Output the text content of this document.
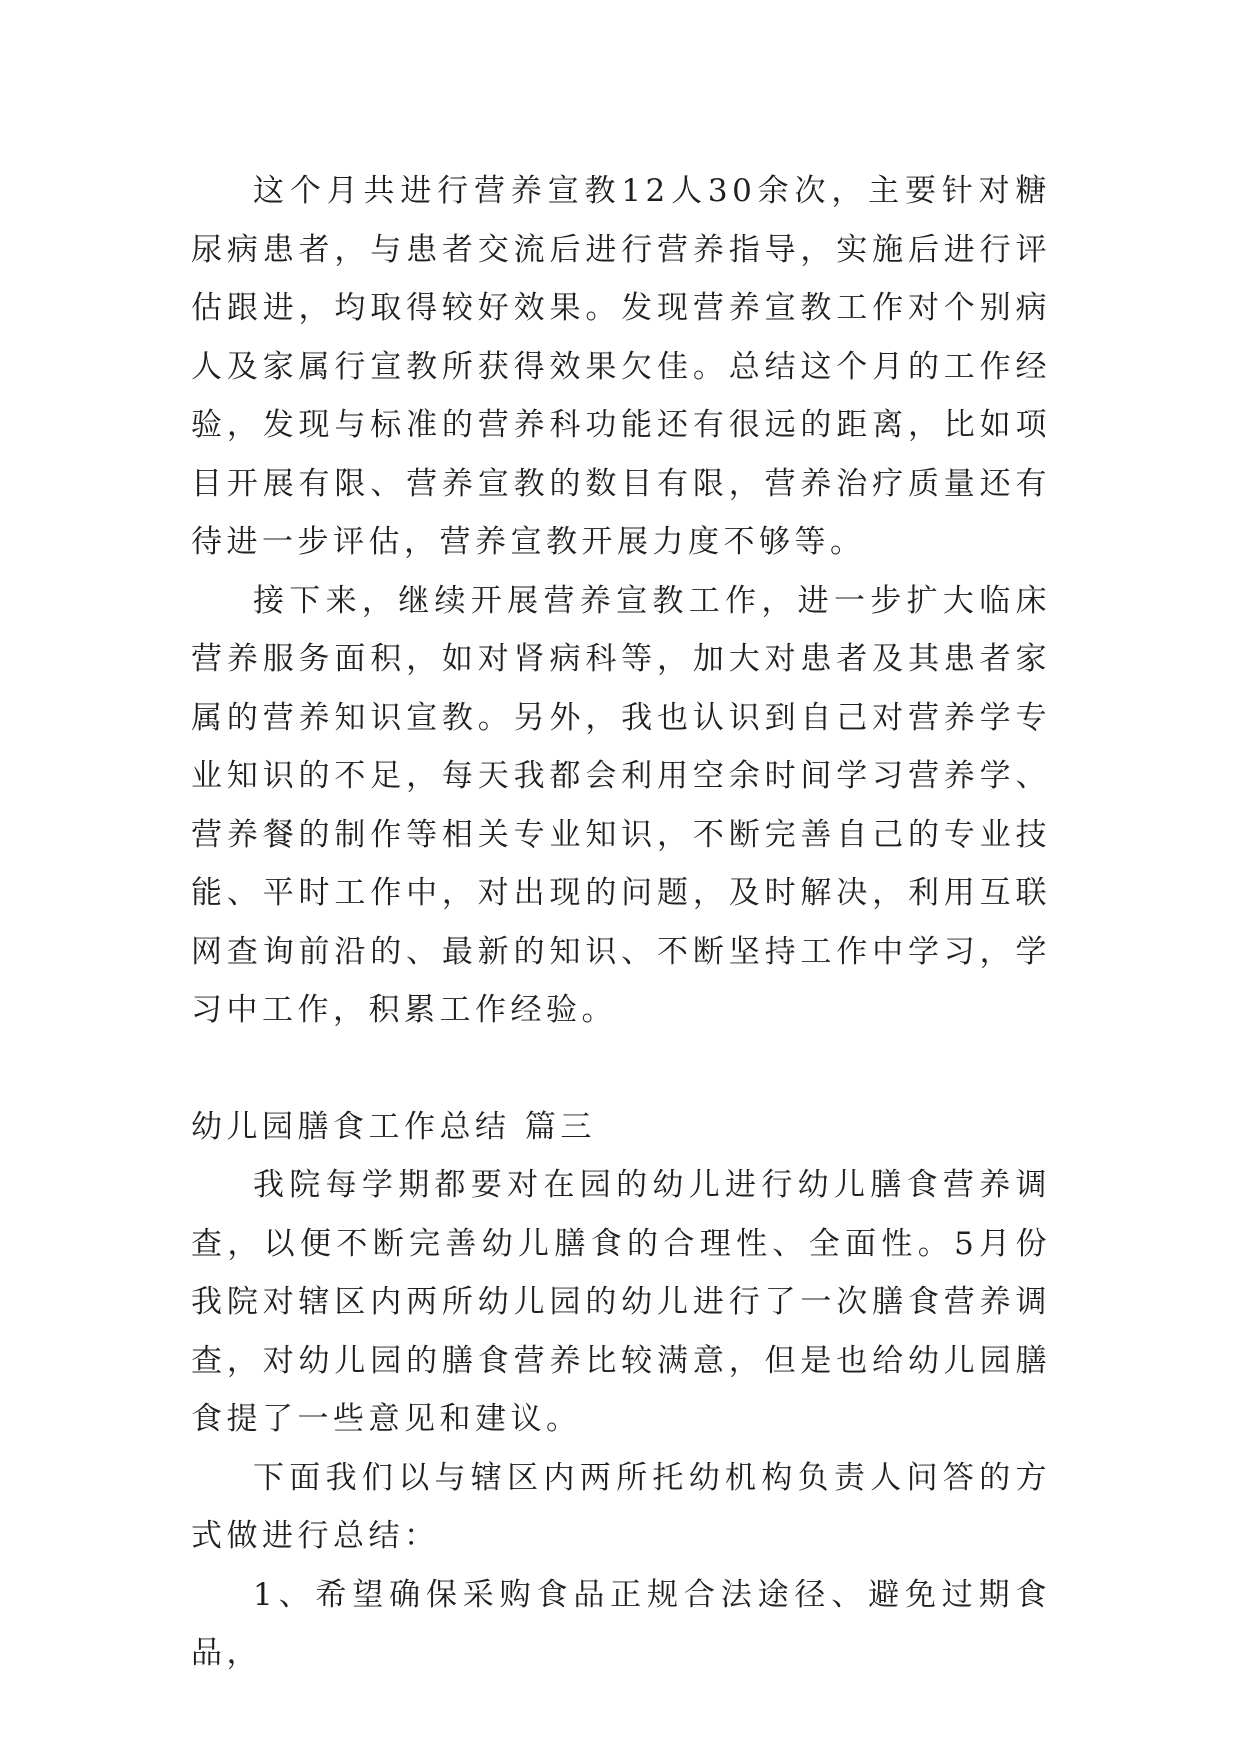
这个月共进行营养宣教12人30余次，主要针对糖尿病患者，与患者交流后进行营养指导，实施后进行评估跟进，均取得较好效果。发现营养宣教工作对个别病人及家属行宣教所获得效果欠佳。总结这个月的工作经验，发现与标准的营养科功能还有很远的距离，比如项目开展有限、营养宣教的数目有限，营养治疗质量还有待进一步评估，营养宣教开展力度不够等。

接下来，继续开展营养宣教工作，进一步扩大临床营养服务面积，如对肾病科等，加大对患者及其患者家属的营养知识宣教。另外，我也认识到自己对营养学专业知识的不足，每天我都会利用空余时间学习营养学、营养餐的制作等相关专业知识，不断完善自己的专业技能、平时工作中，对出现的问题，及时解决，利用互联网查询前沿的、最新的知识、不断坚持工作中学习，学习中工作，积累工作经验。

幼儿园膳食工作总结 篇三

我院每学期都要对在园的幼儿进行幼儿膳食营养调查，以便不断完善幼儿膳食的合理性、全面性。5月份我院对辖区内两所幼儿园的幼儿进行了一次膳食营养调查，对幼儿园的膳食营养比较满意，但是也给幼儿园膳食提了一些意见和建议。

下面我们以与辖区内两所托幼机构负责人问答的方式做进行总结：

1、希望确保采购食品正规合法途径、避免过期食品，
